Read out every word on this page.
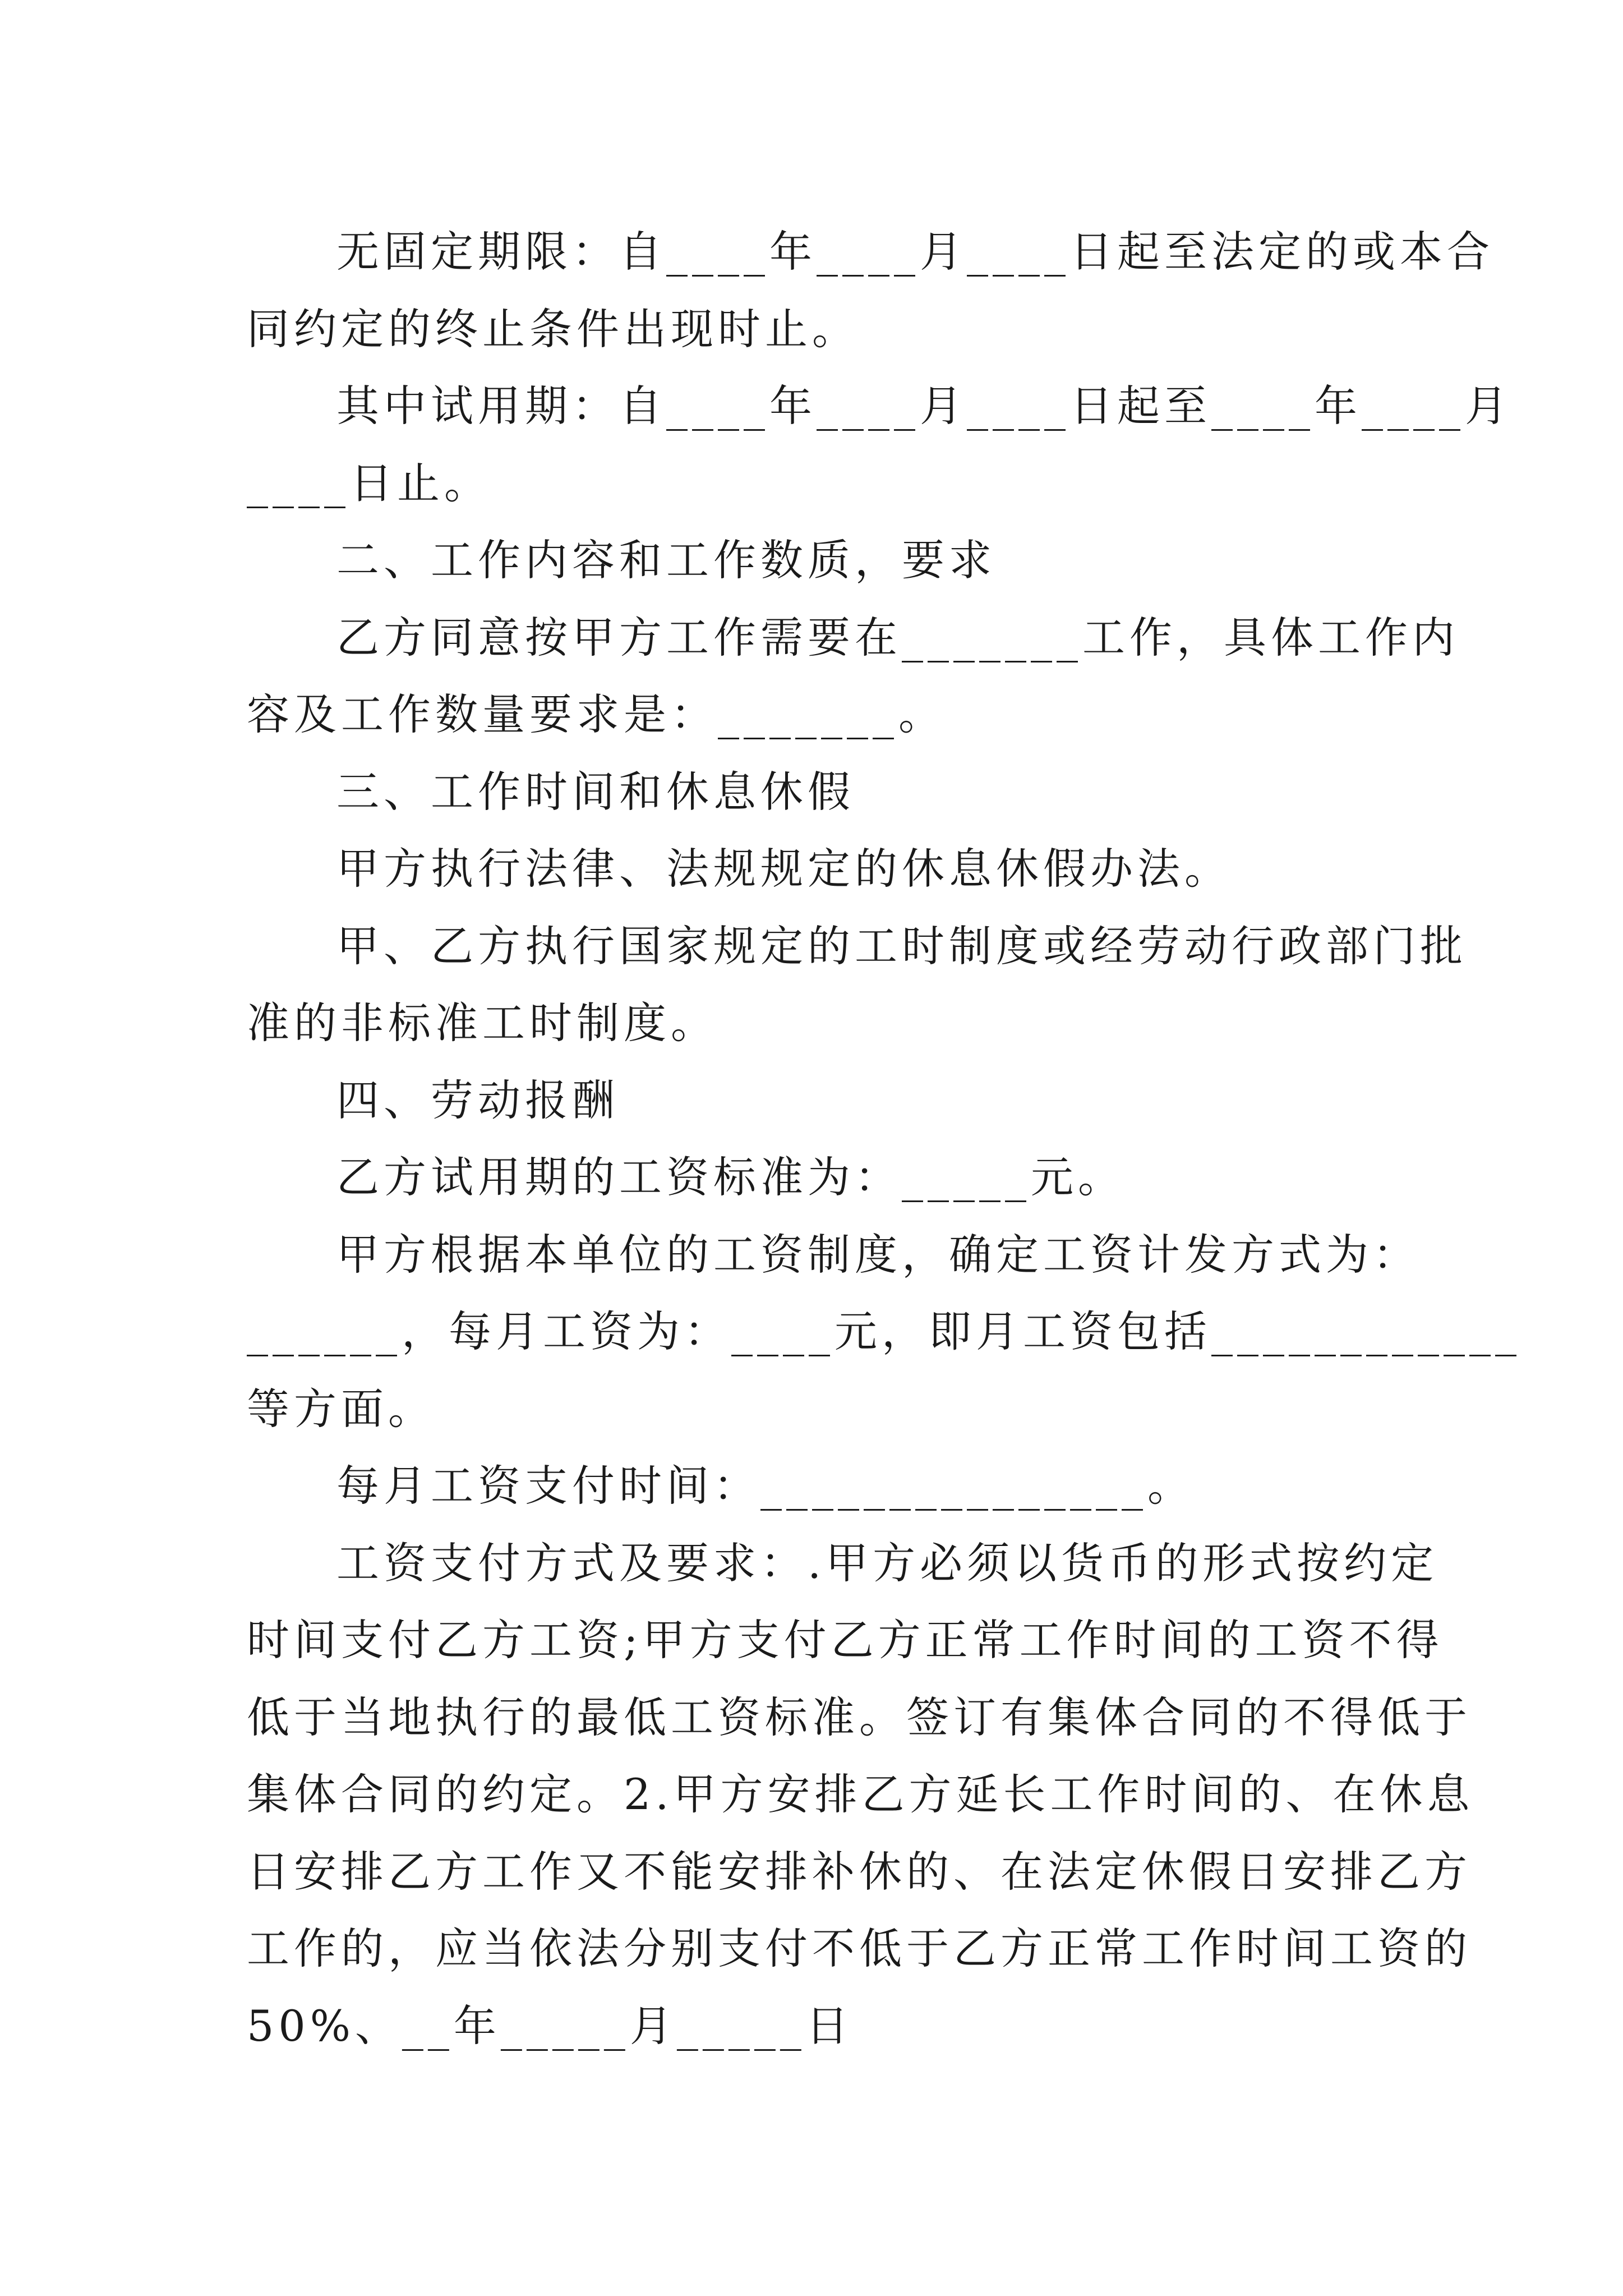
无固定期限：自____年____月____日起至法定的或本合
同约定的终止条件出现时止。
其中试用期：自____年____月____日起至____年____月
____日止。
二、工作内容和工作数质，要求
乙方同意按甲方工作需要在_______工作，具体工作内
容及工作数量要求是：_______。
三、工作时间和休息休假
甲方执行法律、法规规定的休息休假办法。
甲、乙方执行国家规定的工时制度或经劳动行政部门批
准的非标准工时制度。
四、劳动报酬
乙方试用期的工资标准为：_____元。
甲方根据本单位的工资制度，确定工资计发方式为：
______，每月工资为：____元，即月工资包括____________
等方面。
每月工资支付时间：_______________。
工资支付方式及要求：.甲方必须以货币的形式按约定
时间支付乙方工资;甲方支付乙方正常工作时间的工资不得
低于当地执行的最低工资标准。签订有集体合同的不得低于
集体合同的约定。2.甲方安排乙方延长工作时间的、在休息
日安排乙方工作又不能安排补休的、在法定休假日安排乙方
工作的，应当依法分别支付不低于乙方正常工作时间工资的
50%、__年_____月_____日
